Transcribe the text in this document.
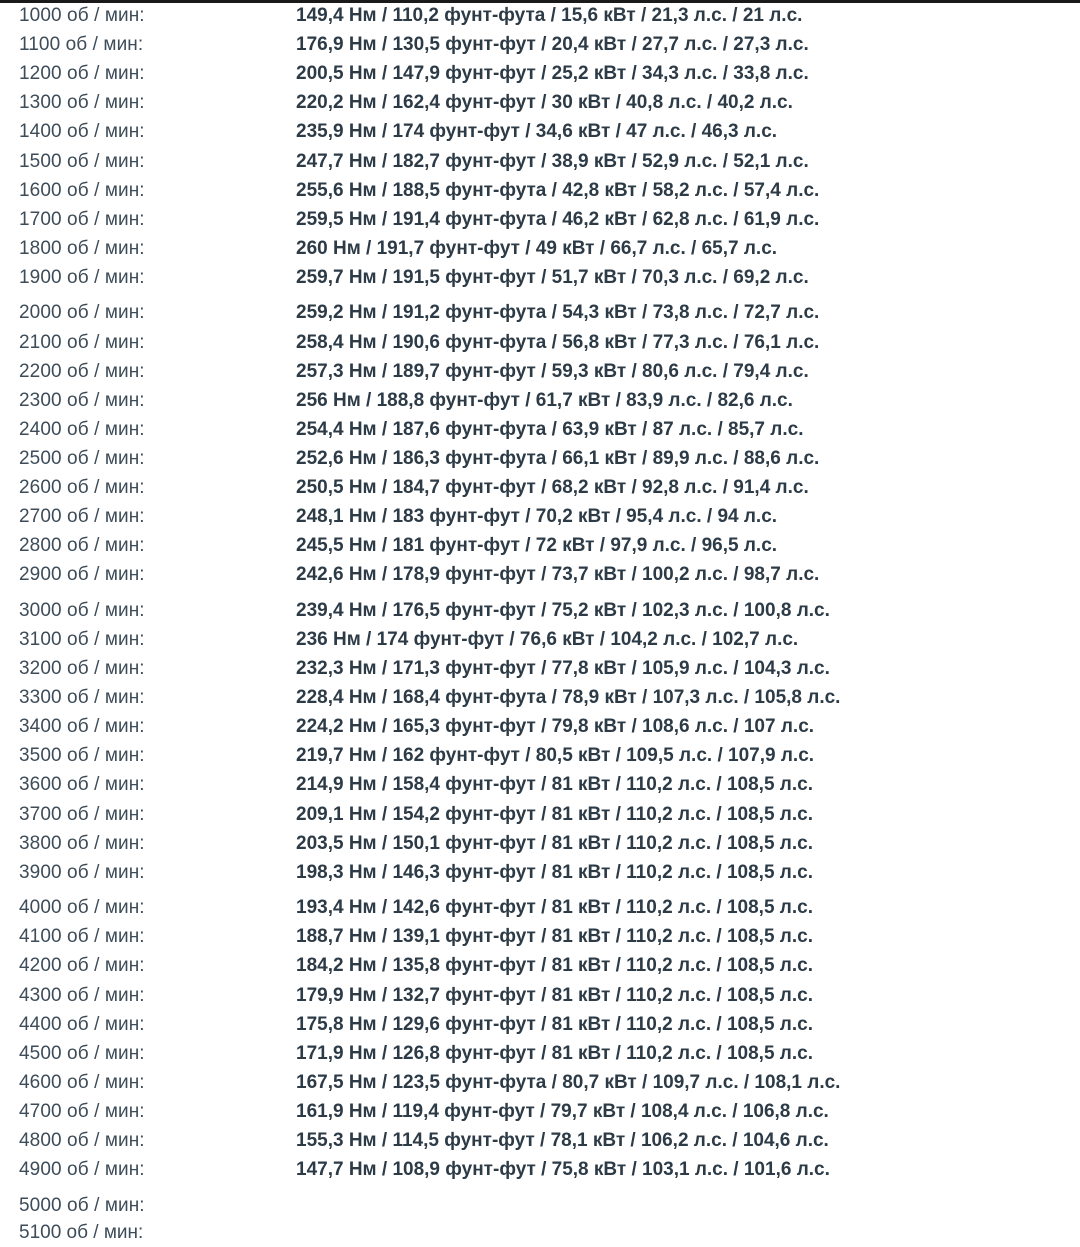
1000 об / мин:	149,4 Нм / 110,2 фунт-фута / 15,6 кВт / 21,3 л.с. / 21 л.с.
1100 об / мин:	176,9 Нм / 130,5 фунт-фут / 20,4 кВт / 27,7 л.с. / 27,3 л.с.
1200 об / мин:	200,5 Нм / 147,9 фунт-фут / 25,2 кВт / 34,3 л.с. / 33,8 л.с.
1300 об / мин:	220,2 Нм / 162,4 фунт-фут / 30 кВт / 40,8 л.с. / 40,2 л.с.
1400 об / мин:	235,9 Нм / 174 фунт-фут / 34,6 кВт / 47 л.с. / 46,3 л.с.
1500 об / мин:	247,7 Нм / 182,7 фунт-фут / 38,9 кВт / 52,9 л.с. / 52,1 л.с.
1600 об / мин:	255,6 Нм / 188,5 фунт-фута / 42,8 кВт / 58,2 л.с. / 57,4 л.с.
1700 об / мин:	259,5 Нм / 191,4 фунт-фута / 46,2 кВт / 62,8 л.с. / 61,9 л.с.
1800 об / мин:	260 Нм / 191,7 фунт-фут / 49 кВт / 66,7 л.с. / 65,7 л.с.
1900 об / мин:	259,7 Нм / 191,5 фунт-фут / 51,7 кВт / 70,3 л.с. / 69,2 л.с.
2000 об / мин:	259,2 Нм / 191,2 фунт-фута / 54,3 кВт / 73,8 л.с. / 72,7 л.с.
2100 об / мин:	258,4 Нм / 190,6 фунт-фута / 56,8 кВт / 77,3 л.с. / 76,1 л.с.
2200 об / мин:	257,3 Нм / 189,7 фунт-фут / 59,3 кВт / 80,6 л.с. / 79,4 л.с.
2300 об / мин:	256 Нм / 188,8 фунт-фут / 61,7 кВт / 83,9 л.с. / 82,6 л.с.
2400 об / мин:	254,4 Нм / 187,6 фунт-фута / 63,9 кВт / 87 л.с. / 85,7 л.с.
2500 об / мин:	252,6 Нм / 186,3 фунт-фута / 66,1 кВт / 89,9 л.с. / 88,6 л.с.
2600 об / мин:	250,5 Нм / 184,7 фунт-фут / 68,2 кВт / 92,8 л.с. / 91,4 л.с.
2700 об / мин:	248,1 Нм / 183 фунт-фут / 70,2 кВт / 95,4 л.с. / 94 л.с.
2800 об / мин:	245,5 Нм / 181 фунт-фут / 72 кВт / 97,9 л.с. / 96,5 л.с.
2900 об / мин:	242,6 Нм / 178,9 фунт-фут / 73,7 кВт / 100,2 л.с. / 98,7 л.с.
3000 об / мин:	239,4 Нм / 176,5 фунт-фут / 75,2 кВт / 102,3 л.с. / 100,8 л.с.
3100 об / мин:	236 Нм / 174 фунт-фут / 76,6 кВт / 104,2 л.с. / 102,7 л.с.
3200 об / мин:	232,3 Нм / 171,3 фунт-фут / 77,8 кВт / 105,9 л.с. / 104,3 л.с.
3300 об / мин:	228,4 Нм / 168,4 фунт-фута / 78,9 кВт / 107,3 л.с. / 105,8 л.с.
3400 об / мин:	224,2 Нм / 165,3 фунт-фут / 79,8 кВт / 108,6 л.с. / 107 л.с.
3500 об / мин:	219,7 Нм / 162 фунт-фут / 80,5 кВт / 109,5 л.с. / 107,9 л.с.
3600 об / мин:	214,9 Нм / 158,4 фунт-фут / 81 кВт / 110,2 л.с. / 108,5 л.с.
3700 об / мин:	209,1 Нм / 154,2 фунт-фут / 81 кВт / 110,2 л.с. / 108,5 л.с.
3800 об / мин:	203,5 Нм / 150,1 фунт-фут / 81 кВт / 110,2 л.с. / 108,5 л.с.
3900 об / мин:	198,3 Нм / 146,3 фунт-фут / 81 кВт / 110,2 л.с. / 108,5 л.с.
4000 об / мин:	193,4 Нм / 142,6 фунт-фут / 81 кВт / 110,2 л.с. / 108,5 л.с.
4100 об / мин:	188,7 Нм / 139,1 фунт-фут / 81 кВт / 110,2 л.с. / 108,5 л.с.
4200 об / мин:	184,2 Нм / 135,8 фунт-фут / 81 кВт / 110,2 л.с. / 108,5 л.с.
4300 об / мин:	179,9 Нм / 132,7 фунт-фут / 81 кВт / 110,2 л.с. / 108,5 л.с.
4400 об / мин:	175,8 Нм / 129,6 фунт-фут / 81 кВт / 110,2 л.с. / 108,5 л.с.
4500 об / мин:	171,9 Нм / 126,8 фунт-фут / 81 кВт / 110,2 л.с. / 108,5 л.с.
4600 об / мин:	167,5 Нм / 123,5 фунт-фута / 80,7 кВт / 109,7 л.с. / 108,1 л.с.
4700 об / мин:	161,9 Нм / 119,4 фунт-фут / 79,7 кВт / 108,4 л.с. / 106,8 л.с.
4800 об / мин:	155,3 Нм / 114,5 фунт-фут / 78,1 кВт / 106,2 л.с. / 104,6 л.с.
4900 об / мин:	147,7 Нм / 108,9 фунт-фут / 75,8 кВт / 103,1 л.с. / 101,6 л.с.
5000 об / мин:
5100 об / мин:
